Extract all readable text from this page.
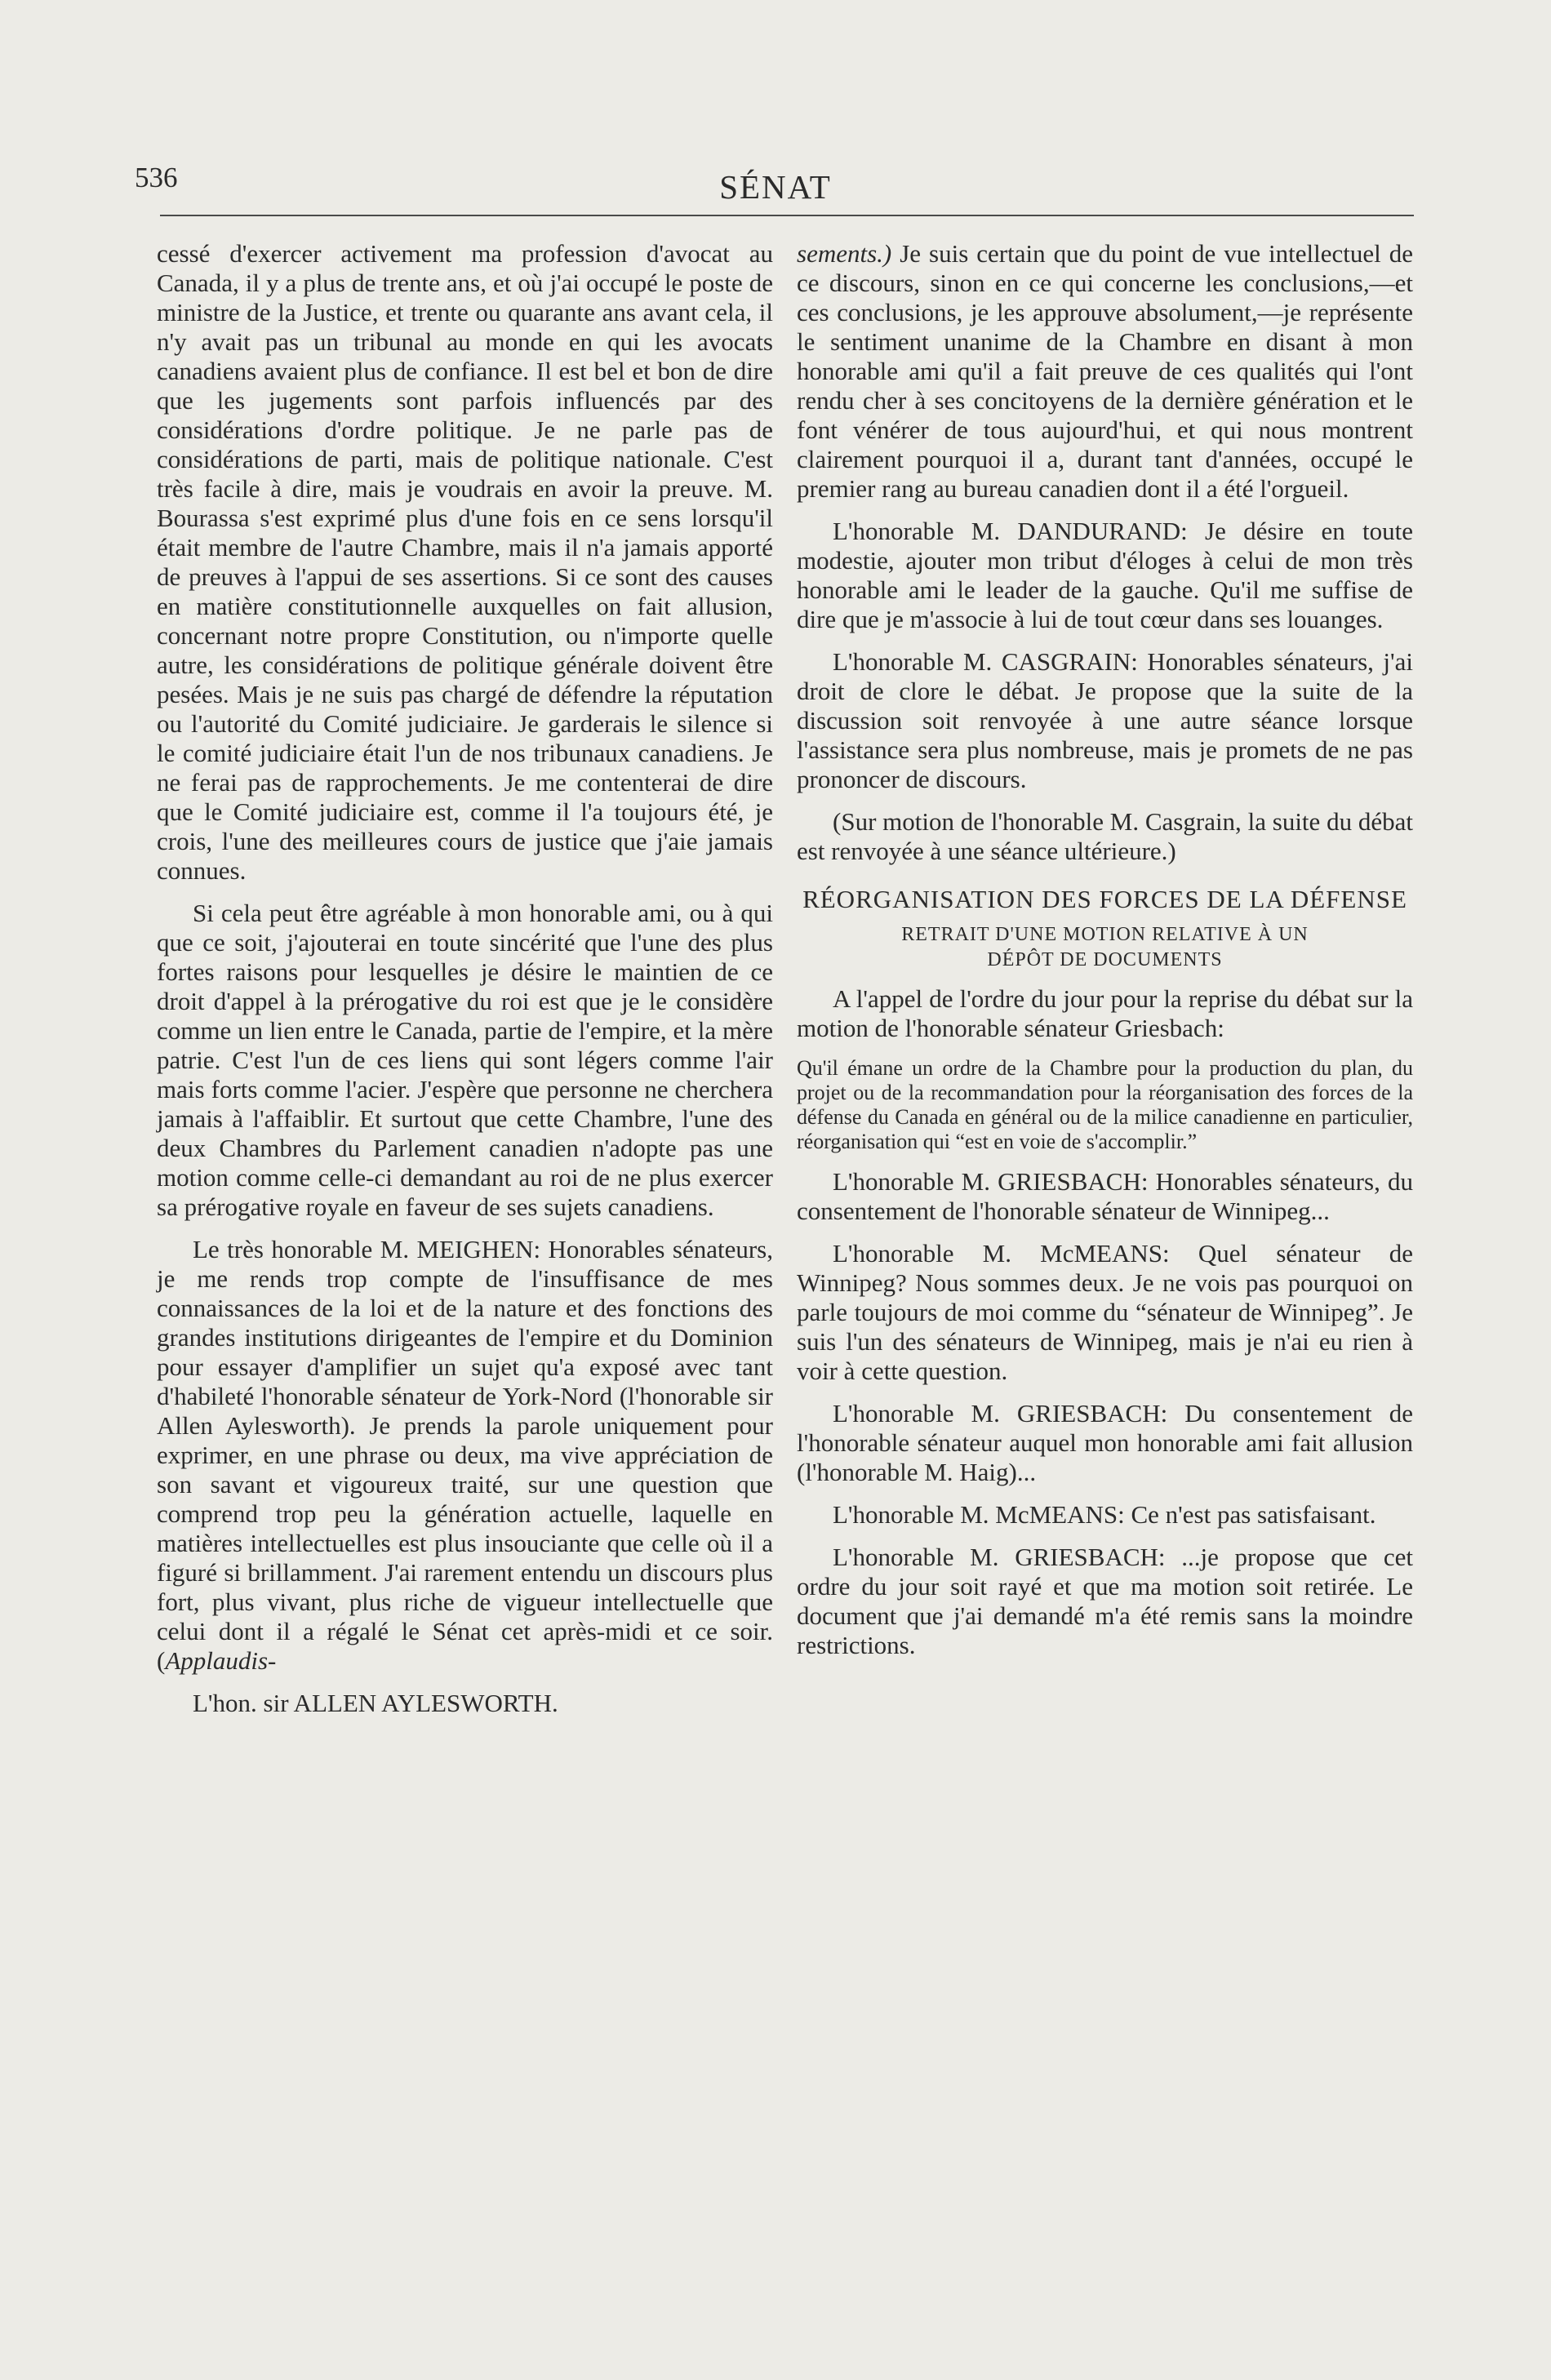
536	SÉNAT

cessé d'exercer activement ma profession d'avocat au Canada, il y a plus de trente ans, et où j'ai occupé le poste de ministre de la Justice, et trente ou quarante ans avant cela, il n'y avait pas un tribunal au monde en qui les avocats canadiens avaient plus de confiance. Il est bel et bon de dire que les jugements sont parfois influencés par des considérations d'ordre politique. Je ne parle pas de considérations de parti, mais de politique nationale. C'est très facile à dire, mais je voudrais en avoir la preuve. M. Bourassa s'est exprimé plus d'une fois en ce sens lorsqu'il était membre de l'autre Chambre, mais il n'a jamais apporté de preuves à l'appui de ses assertions. Si ce sont des causes en matière constitutionnelle auxquelles on fait allusion, concernant notre propre Constitution, ou n'importe quelle autre, les considérations de politique générale doivent être pesées. Mais je ne suis pas chargé de défendre la réputation ou l'autorité du Comité judiciaire. Je garderais le silence si le comité judiciaire était l'un de nos tribunaux canadiens. Je ne ferai pas de rapprochements. Je me contenterai de dire que le Comité judiciaire est, comme il l'a toujours été, je crois, l'une des meilleures cours de justice que j'aie jamais connues.

Si cela peut être agréable à mon honorable ami, ou à qui que ce soit, j'ajouterai en toute sincérité que l'une des plus fortes raisons pour lesquelles je désire le maintien de ce droit d'appel à la prérogative du roi est que je le considère comme un lien entre le Canada, partie de l'empire, et la mère patrie. C'est l'un de ces liens qui sont légers comme l'air mais forts comme l'acier. J'espère que personne ne cherchera jamais à l'affaiblir. Et surtout que cette Chambre, l'une des deux Chambres du Parlement canadien n'adopte pas une motion comme celle-ci demandant au roi de ne plus exercer sa prérogative royale en faveur de ses sujets canadiens.

Le très honorable M. MEIGHEN: Honorables sénateurs, je me rends trop compte de l'insuffisance de mes connaissances de la loi et de la nature et des fonctions des grandes institutions dirigeantes de l'empire et du Dominion pour essayer d'amplifier un sujet qu'a exposé avec tant d'habileté l'honorable sénateur de York-Nord (l'honorable sir Allen Aylesworth). Je prends la parole uniquement pour exprimer, en une phrase ou deux, ma vive appréciation de son savant et vigoureux traité, sur une question que comprend trop peu la génération actuelle, laquelle en matières intellectuelles est plus insouciante que celle où il a figuré si brillamment. J'ai rarement entendu un discours plus fort, plus vivant, plus riche de vigueur intellectuelle que celui dont il a régalé le Sénat cet après-midi et ce soir. (Applaudis-

L'hon. sir ALLEN AYLESWORTH.

sements.) Je suis certain que du point de vue intellectuel de ce discours, sinon en ce qui concerne les conclusions,—et ces conclusions, je les approuve absolument,—je représente le sentiment unanime de la Chambre en disant à mon honorable ami qu'il a fait preuve de ces qualités qui l'ont rendu cher à ses concitoyens de la dernière génération et le font vénérer de tous aujourd'hui, et qui nous montrent clairement pourquoi il a, durant tant d'années, occupé le premier rang au bureau canadien dont il a été l'orgueil.

L'honorable M. DANDURAND: Je désire en toute modestie, ajouter mon tribut d'éloges à celui de mon très honorable ami le leader de la gauche. Qu'il me suffise de dire que je m'associe à lui de tout cœur dans ses louanges.

L'honorable M. CASGRAIN: Honorables sénateurs, j'ai droit de clore le débat. Je propose que la suite de la discussion soit renvoyée à une autre séance lorsque l'assistance sera plus nombreuse, mais je promets de ne pas prononcer de discours.

(Sur motion de l'honorable M. Casgrain, la suite du débat est renvoyée à une séance ultérieure.)

RÉORGANISATION DES FORCES DE LA DÉFENSE
RETRAIT D'UNE MOTION RELATIVE À UN
DÉPÔT DE DOCUMENTS

A l'appel de l'ordre du jour pour la reprise du débat sur la motion de l'honorable sénateur Griesbach:

Qu'il émane un ordre de la Chambre pour la production du plan, du projet ou de la recommandation pour la réorganisation des forces de la défense du Canada en général ou de la milice canadienne en particulier, réorganisation qui “est en voie de s'accomplir.”

L'honorable M. GRIESBACH: Honorables sénateurs, du consentement de l'honorable sénateur de Winnipeg...

L'honorable M. McMEANS: Quel sénateur de Winnipeg? Nous sommes deux. Je ne vois pas pourquoi on parle toujours de moi comme du “sénateur de Winnipeg”. Je suis l'un des sénateurs de Winnipeg, mais je n'ai eu rien à voir à cette question.

L'honorable M. GRIESBACH: Du consentement de l'honorable sénateur auquel mon honorable ami fait allusion (l'honorable M. Haig)...

L'honorable M. McMEANS: Ce n'est pas satisfaisant.

L'honorable M. GRIESBACH: ...je propose que cet ordre du jour soit rayé et que ma motion soit retirée. Le document que j'ai demandé m'a été remis sans la moindre restrictions.
